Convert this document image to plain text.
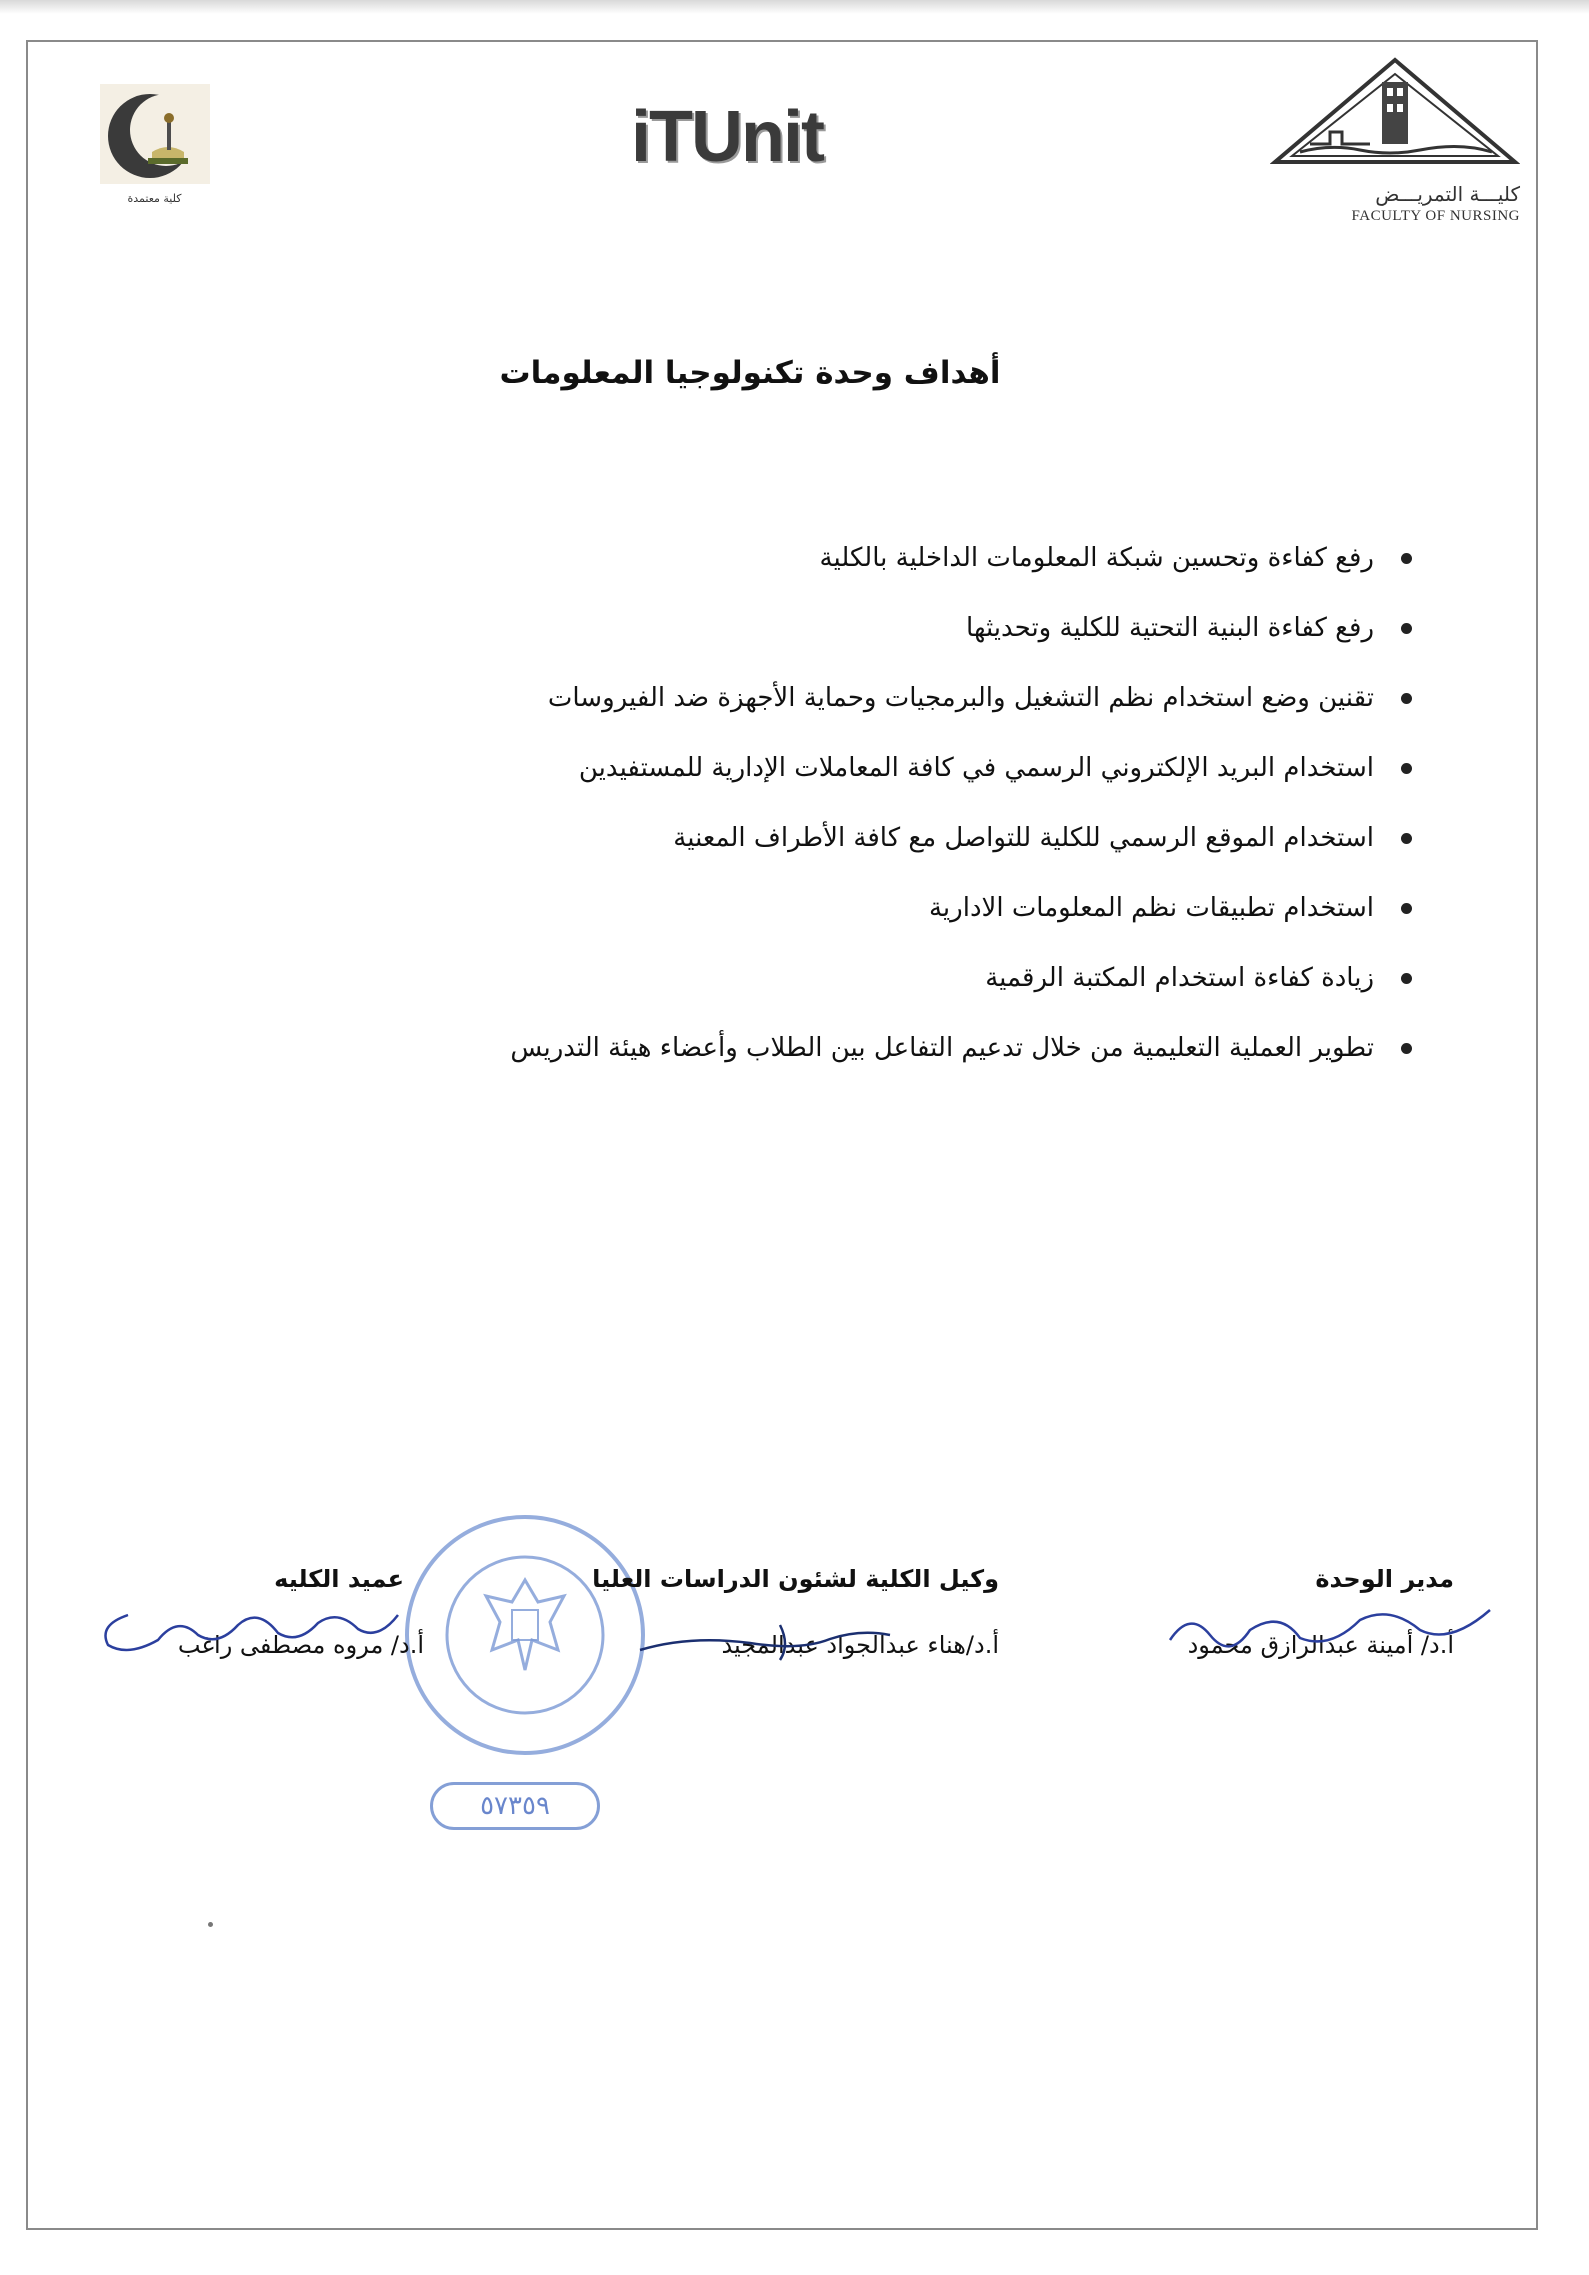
كلية معتمدة
iTUnit
كليـــة التمريـــض
FACULTY OF NURSING
أهداف وحدة تكنولوجيا المعلومات
رفع كفاءة وتحسين شبكة المعلومات الداخلية بالكلية
رفع كفاءة البنية التحتية للكلية وتحديثها
تقنين وضع استخدام نظم التشغيل والبرمجيات وحماية الأجهزة ضد الفيروسات
استخدام البريد الإلكتروني الرسمي في كافة المعاملات الإدارية للمستفيدين
استخدام الموقع الرسمي للكلية للتواصل مع كافة الأطراف المعنية
استخدام تطبيقات نظم المعلومات الادارية
زيادة كفاءة استخدام المكتبة الرقمية
تطوير العملية التعليمية من خلال تدعيم التفاعل بين الطلاب وأعضاء هيئة التدريس
٥٧٣٥٩
مدير الوحدة
أ.د/ أمينة عبدالرازق محمود
وكيل الكلية لشئون الدراسات العليا
أ.د/هناء عبدالجواد عبدالمجيد
عميد الكليه
أ.د/ مروه مصطفى راغب
